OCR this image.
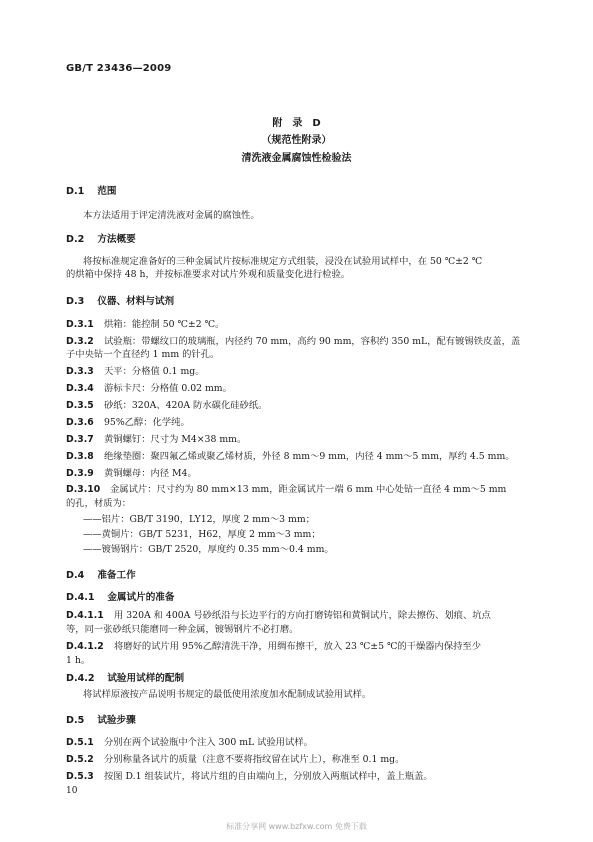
GB/T 23436—2009
附　录　D
（规范性附录）
清洗液金属腐蚀性检验法
D.1 范围
本方法适用于评定清洗液对金属的腐蚀性。
D.2 方法概要
将按标准规定准备好的三种金属试片按标准规定方式组装，浸没在试验用试样中，在 50 ℃±2 ℃
的烘箱中保持 48 h，并按标准要求对试片外观和质量变化进行检验。
D.3 仪器、材料与试剂
D.3.1 烘箱：能控制 50 ℃±2 ℃。
D.3.2 试验瓶：带螺纹口的玻璃瓶，内径约 70 mm，高约 90 mm，容积约 350 mL，配有镀锡铁皮盖，盖
子中央钻一个直径约 1 mm 的针孔。
D.3.3 天平：分格值 0.1 mg。
D.3.4 游标卡尺：分格值 0.02 mm。
D.3.5 砂纸：320A、420A 防水碳化硅砂纸。
D.3.6 95%乙醇：化学纯。
D.3.7 黄铜螺钉：尺寸为 M4×38 mm。
D.3.8 绝缘垫圈：聚四氟乙烯或聚乙烯材质，外径 8 mm～9 mm，内径 4 mm～5 mm，厚约 4.5 mm。
D.3.9 黄铜螺母：内径 M4。
D.3.10 金属试片：尺寸约为 80 mm×13 mm，距金属试片一端 6 mm 中心处钻一直径 4 mm～5 mm
的孔，材质为：
——铝片：GB/T 3190，LY12，厚度 2 mm～3 mm；
——黄铜片：GB/T 5231，H62，厚度 2 mm～3 mm；
——镀锡钢片：GB/T 2520，厚度约 0.35 mm～0.4 mm。
D.4 准备工作
D.4.1 金属试片的准备
D.4.1.1 用 320A 和 400A 号砂纸沿与长边平行的方向打磨铸铝和黄铜试片，除去擦伤、划痕、坑点
等，同一张砂纸只能磨同一种金属，镀锡钢片不必打磨。
D.4.1.2 将磨好的试片用 95%乙醇清洗干净，用绸布擦干，放入 23 ℃±5 ℃的干燥器内保持至少
1 h。
D.4.2 试验用试样的配制
将试样原液按产品说明书规定的最低使用浓度加水配制成试验用试样。
D.5 试验步骤
D.5.1 分别在两个试验瓶中个注入 300 mL 试验用试样。
D.5.2 分别称量各试片的质量（注意不要将指纹留在试片上），称准至 0.1 mg。
D.5.3 按图 D.1 组装试片，将试片组的自由端向上，分别放入两瓶试样中，盖上瓶盖。
10
标准分享网 www.bzfxw.com 免费下载
